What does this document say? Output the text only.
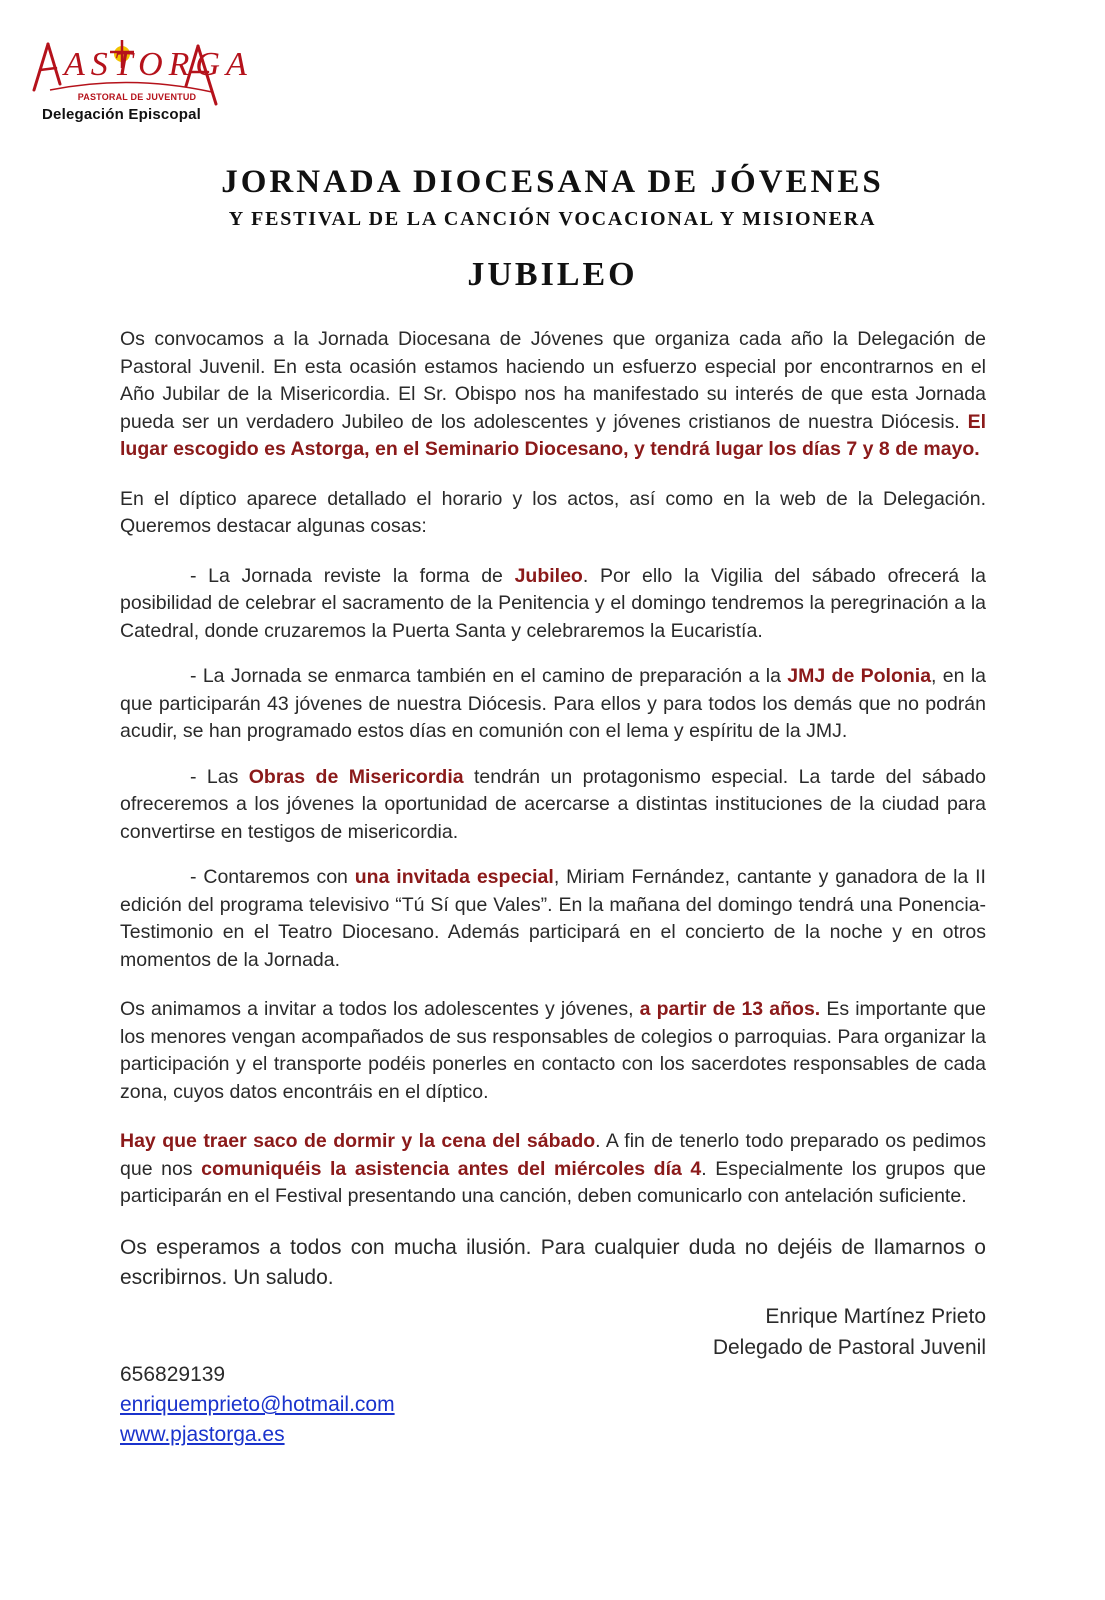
ASTORGA
PASTORAL DE JUVENTUD
Delegación Episcopal
JORNADA DIOCESANA DE JÓVENES
Y FESTIVAL DE LA CANCIÓN VOCACIONAL Y MISIONERA
JUBILEO

Os convocamos a la Jornada Diocesana de Jóvenes que organiza cada año la Delegación de Pastoral Juvenil. En esta ocasión estamos haciendo un esfuerzo especial por encontrarnos en el Año Jubilar de la Misericordia. El Sr. Obispo nos ha manifestado su interés de que esta Jornada pueda ser un verdadero Jubileo de los adolescentes y jóvenes cristianos de nuestra Diócesis. El lugar escogido es Astorga, en el Seminario Diocesano, y tendrá lugar los días 7 y 8 de mayo.

En el díptico aparece detallado el horario y los actos, así como en la web de la Delegación. Queremos destacar algunas cosas:

- La Jornada reviste la forma de Jubileo. Por ello la Vigilia del sábado ofrecerá la posibilidad de celebrar el sacramento de la Penitencia y el domingo tendremos la peregrinación a la Catedral, donde cruzaremos la Puerta Santa y celebraremos la Eucaristía.

- La Jornada se enmarca también en el camino de preparación a la JMJ de Polonia, en la que participarán 43 jóvenes de nuestra Diócesis. Para ellos y para todos los demás que no podrán acudir, se han programado estos días en comunión con el lema y espíritu de la JMJ.

- Las Obras de Misericordia tendrán un protagonismo especial. La tarde del sábado ofreceremos a los jóvenes la oportunidad de acercarse a distintas instituciones de la ciudad para convertirse en testigos de misericordia.

- Contaremos con una invitada especial, Miriam Fernández, cantante y ganadora de la II edición del programa televisivo “Tú Sí que Vales”. En la mañana del domingo tendrá una Ponencia-Testimonio en el Teatro Diocesano. Además participará en el concierto de la noche y en otros momentos de la Jornada.

Os animamos a invitar a todos los adolescentes y jóvenes, a partir de 13 años. Es importante que los menores vengan acompañados de sus responsables de colegios o parroquias. Para organizar la participación y el transporte podéis ponerles en contacto con los sacerdotes responsables de cada zona, cuyos datos encontráis en el díptico.

Hay que traer saco de dormir y la cena del sábado. A fin de tenerlo todo preparado os pedimos que nos comuniquéis la asistencia antes del miércoles día 4. Especialmente los grupos que participarán en el Festival presentando una canción, deben comunicarlo con antelación suficiente.

Os esperamos a todos con mucha ilusión. Para cualquier duda no dejéis de llamarnos o escribirnos. Un saludo.

Enrique Martínez Prieto
Delegado de Pastoral Juvenil
656829139
enriquemprieto@hotmail.com
www.pjastorga.es
